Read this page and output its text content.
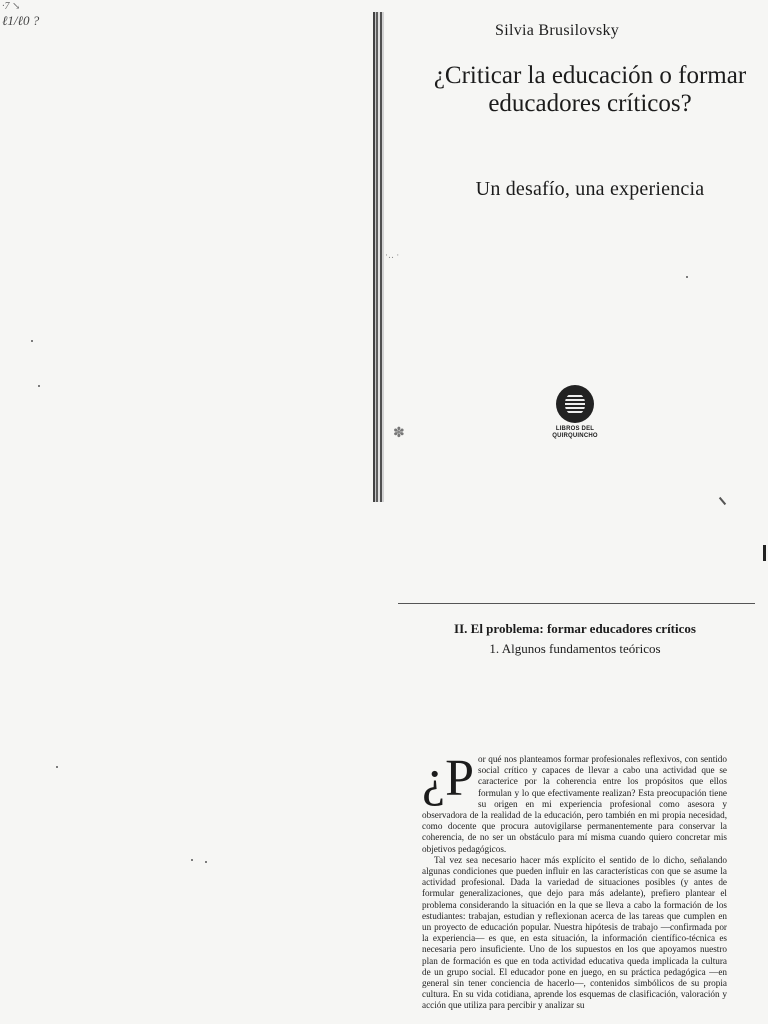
·7 ↘
ℓ1/ℓ0 ?
·‥ ·
✽
Silvia Brusilovsky
¿Criticar la educación o formar educadores críticos?
Un desafío, una experiencia
LIBROS DEL QUIRQUINCHO
II. El problema: formar educadores críticos
1. Algunos fundamentos teóricos
¿P or qué nos planteamos formar profesionales reflexivos, con sentido social crítico y capaces de llevar a cabo una actividad que se caracterice por la coherencia entre los propósitos que ellos formulan y lo que efectivamente realizan? Esta preocupación tiene su origen en mi experiencia profesional como asesora y observadora de la realidad de la educación, pero también en mi propia necesidad, como docente que procura autovigilarse permanentemente para conservar la coherencia, de no ser un obstáculo para mí misma cuando quiero concretar mis objetivos pedagógicos.

Tal vez sea necesario hacer más explícito el sentido de lo dicho, señalando algunas condiciones que pueden influir en las características con que se asume la actividad profesional. Dada la variedad de situaciones posibles (y antes de formular generalizaciones, que dejo para más adelante), prefiero plantear el problema considerando la situación en la que se lleva a cabo la formación de los estudiantes: trabajan, estudian y reflexionan acerca de las tareas que cumplen en un proyecto de educación popular. Nuestra hipótesis de trabajo —confirmada por la experiencia— es que, en esta situación, la información científico-técnica es necesaria pero insuficiente. Uno de los supuestos en los que apoyamos nuestro plan de formación es que en toda actividad educativa queda implicada la cultura de un grupo social. El educador pone en juego, en su práctica pedagógica —en general sin tener conciencia de hacerlo—, contenidos simbólicos de su propia cultura. En su vida cotidiana, aprende los esquemas de clasificación, valoración y acción que utiliza para percibir y analizar su
